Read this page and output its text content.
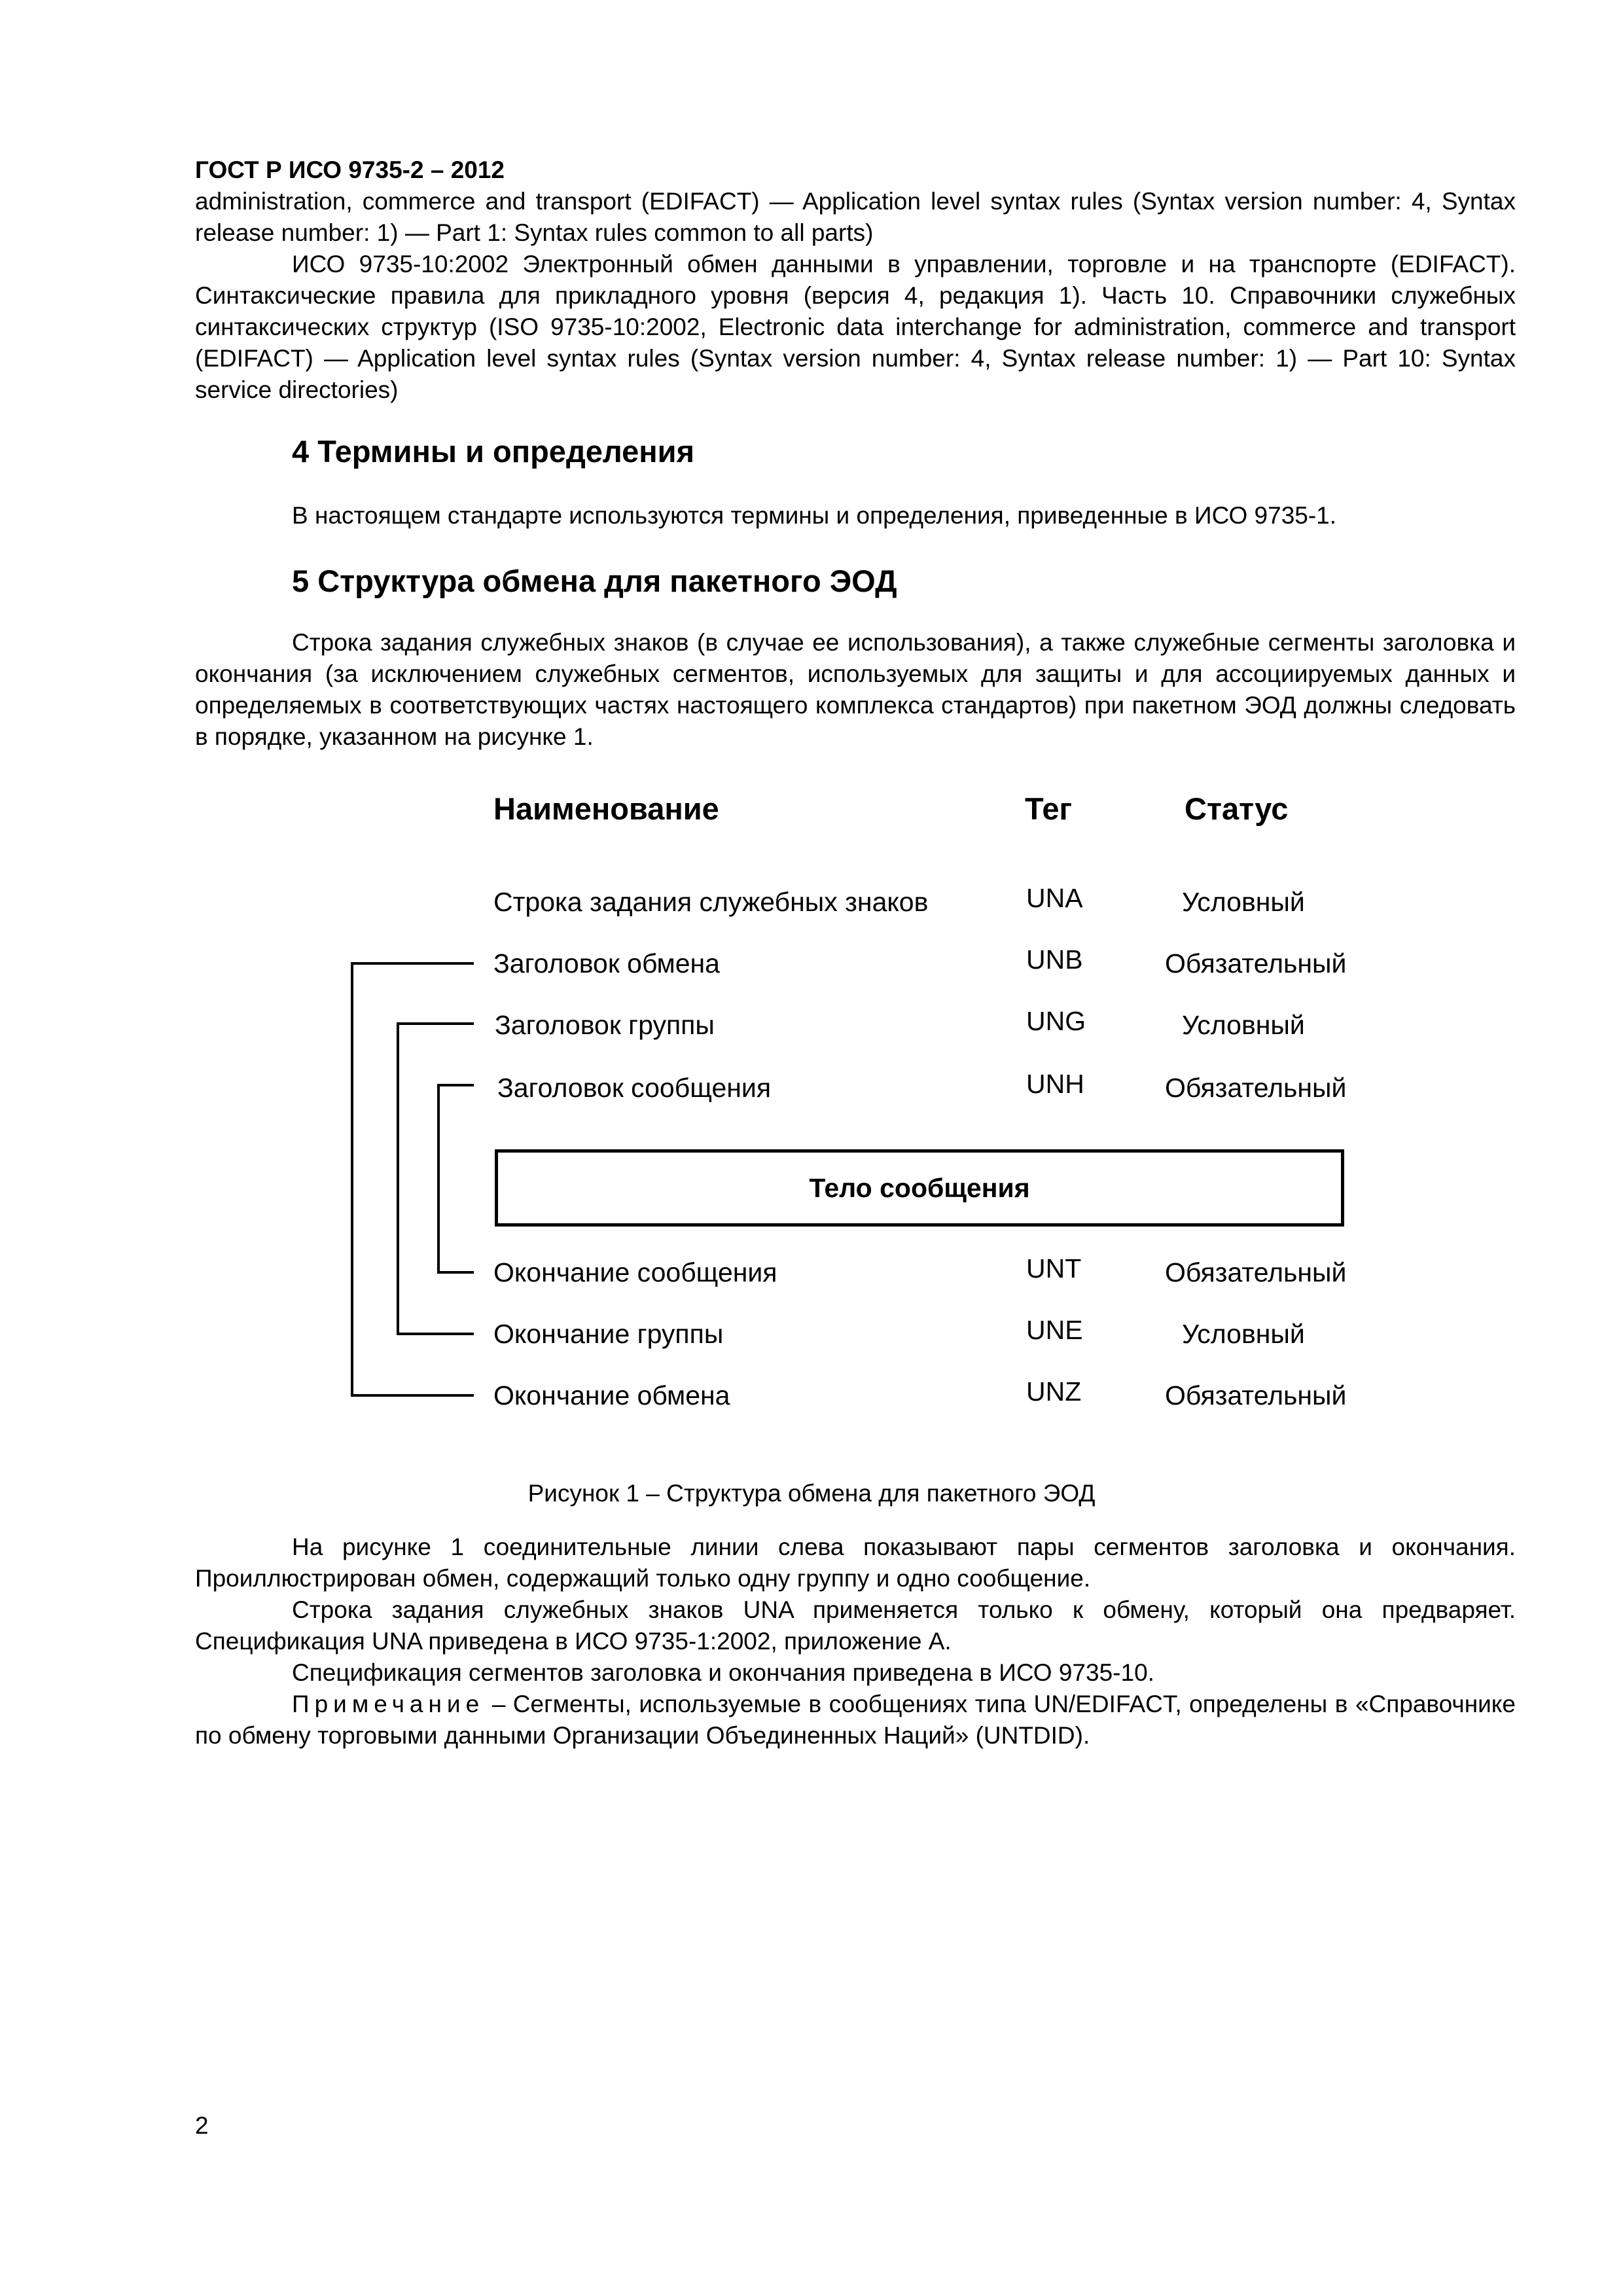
ГОСТ Р ИСО 9735-2 – 2012

administration, commerce and transport (EDIFACT) — Application level syntax rules (Syntax version number: 4, Syntax release number: 1) — Part 1: Syntax rules common to all parts)

ИСО 9735-10:2002 Электронный обмен данными в управлении, торговле и на транспорте (EDIFACT). Синтаксические правила для прикладного уровня (версия 4, редакция 1). Часть 10. Справочники служебных синтаксических структур (ISO 9735-10:2002, Electronic data interchange for administration, commerce and transport (EDIFACT) — Application level syntax rules (Syntax version number: 4, Syntax release number: 1) — Part 10: Syntax service directories)

4 Термины и определения
В настоящем стандарте используются термины и определения, приведенные в ИСО 9735-1.
5 Структура обмена для пакетного ЭОД

Строка задания служебных знаков (в случае ее использования), а также служебные сегменты заголовка и окончания (за исключением служебных сегментов, используемых для защиты и для ассоциируемых данных и определяемых в соответствующих частях настоящего комплекса стандартов) при пакетном ЭОД должны следовать в порядке, указанном на рисунке 1.

Наименование	Тег	Статус
Строка задания служебных знаков	UNA	Условный
Заголовок обмена	UNB	Обязательный
Заголовок группы	UNG	Условный
Заголовок сообщения	UNH	Обязательный
Тело сообщения
Окончание сообщения	UNT	Обязательный
Окончание группы	UNE	Условный
Окончание обмена	UNZ	Обязательный
Рисунок 1 – Структура обмена для пакетного ЭОД

На рисунке 1 соединительные линии слева показывают пары сегментов заголовка и окончания. Проиллюстрирован обмен, содержащий только одну группу и одно сообщение.

Строка задания служебных знаков UNA применяется только к обмену, который она предваряет. Спецификация UNA приведена в ИСО 9735-1:2002, приложение А.

Спецификация сегментов заголовка и окончания приведена в ИСО 9735-10.

Примечание – Сегменты, используемые в сообщениях типа UN/EDIFACT, определены в «Справочнике по обмену торговыми данными Организации Объединенных Наций» (UNTDID).

2
